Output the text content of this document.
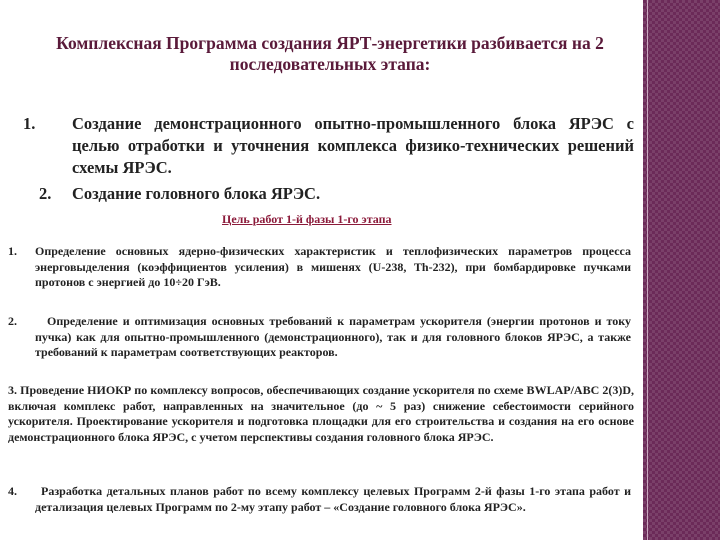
Комплексная Программа создания ЯРТ-энергетики разбивается на 2 последовательных этапа:
1. Создание демонстрационного опытно-промышленного блока ЯРЭС с целью отработки и уточнения комплекса физико-технических решений схемы ЯРЭС.
2. Создание головного блока ЯРЭС.
Цель работ 1-й фазы 1-го этапа
1. Определение основных ядерно-физических характеристик и теплофизических параметров процесса энерговыделения (коэффициентов усиления) в мишенях (U-238, Th-232), при бомбардировке пучками протонов с энергией до 10÷20 ГэВ.
2.	Определение и оптимизация основных требований к параметрам ускорителя (энергии протонов и току пучка) как для опытно-промышленного (демонстрационного), так и для головного блоков ЯРЭС, а также требований к параметрам соответствующих реакторов.
3. Проведение НИОКР по комплексу вопросов, обеспечивающих создание ускорителя по схеме BWLAP/ABC 2(3)D, включая комплекс работ, направленных на значительное (до ~ 5 раз) снижение себестоимости серийного ускорителя. Проектирование ускорителя и подготовка площадки для его строительства и создания на его основе демонстрационного блока ЯРЭС, с учетом перспективы создания головного блока ЯРЭС.
4.	Разработка детальных планов работ по всему комплексу целевых Программ 2-й фазы 1-го этапа работ и детализация целевых Программ по 2-му этапу работ – «Создание головного блока ЯРЭС».
